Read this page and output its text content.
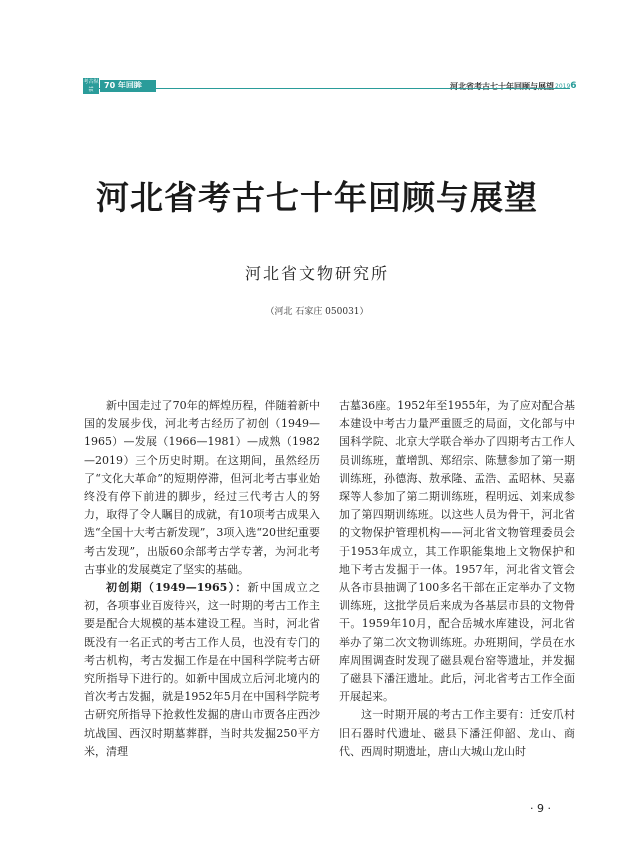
考古纵横	70 年回眸	河北省考古七十年回顾与展望 20196
河北省考古七十年回顾与展望
河北省文物研究所
（河北 石家庄 050031）

新中国走过了70年的辉煌历程，伴随着新中国的发展步伐，河北考古经历了初创（1949—1965）—发展（1966—1981）—成熟（1982—2019）三个历史时期。在这期间，虽然经历了“文化大革命”的短期停滞，但河北考古事业始终没有停下前进的脚步，经过三代考古人的努力，取得了令人瞩目的成就，有10项考古成果入选“全国十大考古新发现”，3项入选“20世纪重要考古发现”，出版60余部考古学专著，为河北考古事业的发展奠定了坚实的基础。

初创期（1949—1965）：新中国成立之初，各项事业百废待兴，这一时期的考古工作主要是配合大规模的基本建设工程。当时，河北省既没有一名正式的考古工作人员，也没有专门的考古机构，考古发掘工作是在中国科学院考古研究所指导下进行的。如新中国成立后河北境内的首次考古发掘，就是1952年5月在中国科学院考古研究所指导下抢救性发掘的唐山市贾各庄西沙坑战国、西汉时期墓葬群，当时共发掘250平方米，清理

古墓36座。1952年至1955年，为了应对配合基本建设中考古力量严重匮乏的局面，文化部与中国科学院、北京大学联合举办了四期考古工作人员训练班，董增凯、郑绍宗、陈慧参加了第一期训练班，孙德海、敖承隆、孟浩、孟昭林、吴嘉琛等人参加了第二期训练班，程明远、刘来成参加了第四期训练班。以这些人员为骨干，河北省的文物保护管理机构——河北省文物管理委员会于1953年成立，其工作职能集地上文物保护和地下考古发掘于一体。1957年，河北省文管会从各市县抽调了100多名干部在正定举办了文物训练班，这批学员后来成为各基层市县的文物骨干。1959年10月，配合岳城水库建设，河北省举办了第二次文物训练班。办班期间，学员在水库周围调查时发现了磁县观台窑等遗址，并发掘了磁县下潘汪遗址。此后，河北省考古工作全面开展起来。

这一时期开展的考古工作主要有：迁安爪村旧石器时代遗址、磁县下潘汪仰韶、龙山、商代、西周时期遗址，唐山大城山龙山时

· 9 ·
